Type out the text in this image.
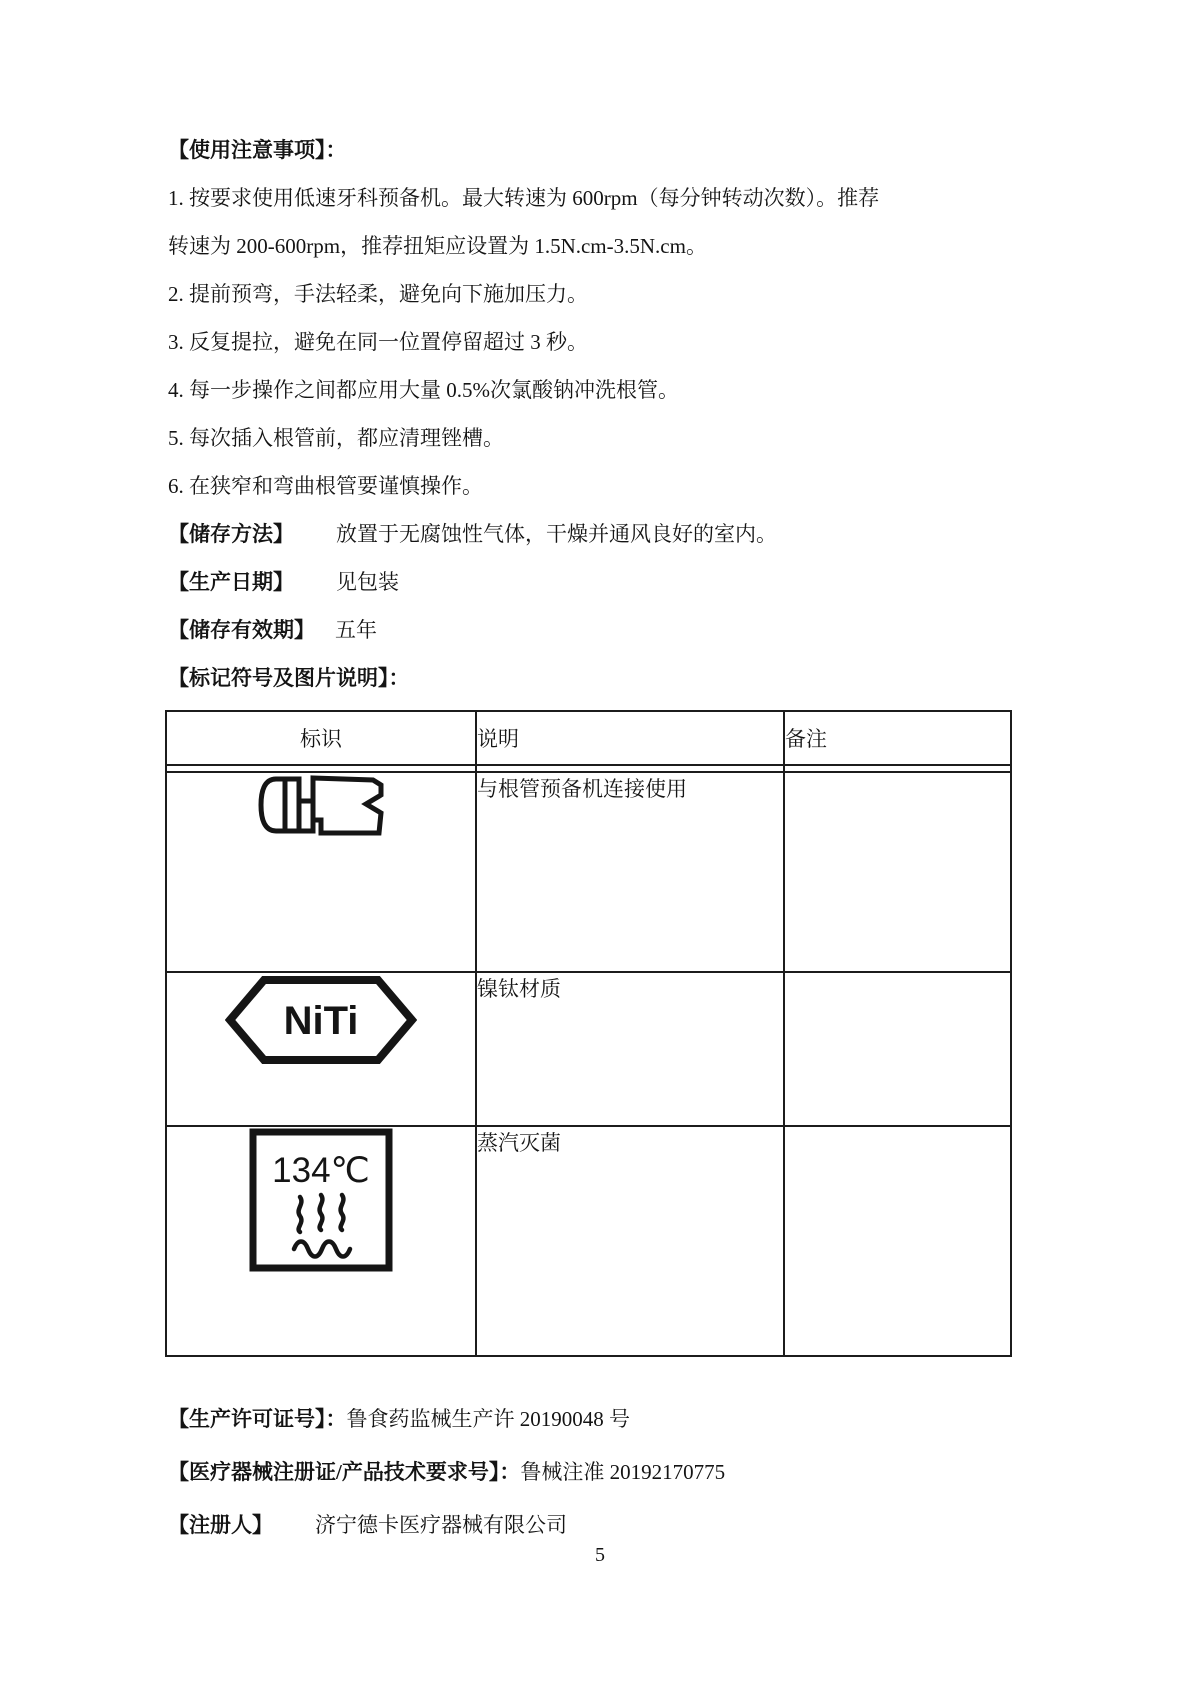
【使用注意事项】：
1. 按要求使用低速牙科预备机。最大转速为 600rpm（每分钟转动次数）。推荐
转速为 200-600rpm，推荐扭矩应设置为 1.5N.cm-3.5N.cm。
2. 提前预弯，手法轻柔，避免向下施加压力。
3. 反复提拉，避免在同一位置停留超过 3 秒。
4. 每一步操作之间都应用大量 0.5%次氯酸钠冲洗根管。
5. 每次插入根管前，都应清理锉槽。
6. 在狭窄和弯曲根管要谨慎操作。
【储存方法】 放置于无腐蚀性气体，干燥并通风良好的室内。
【生产日期】 见包装
【储存有效期】 五年
【标记符号及图片说明】：
标识	说明	备注

	与根管预备机连接使用	

NiTi	镍钛材质	

134℃	蒸汽灭菌	
【生产许可证号】：鲁食药监械生产许 20190048 号
【医疗器械注册证/产品技术要求号】：鲁械注准 20192170775
【注册人】 济宁德卡医疗器械有限公司
5
